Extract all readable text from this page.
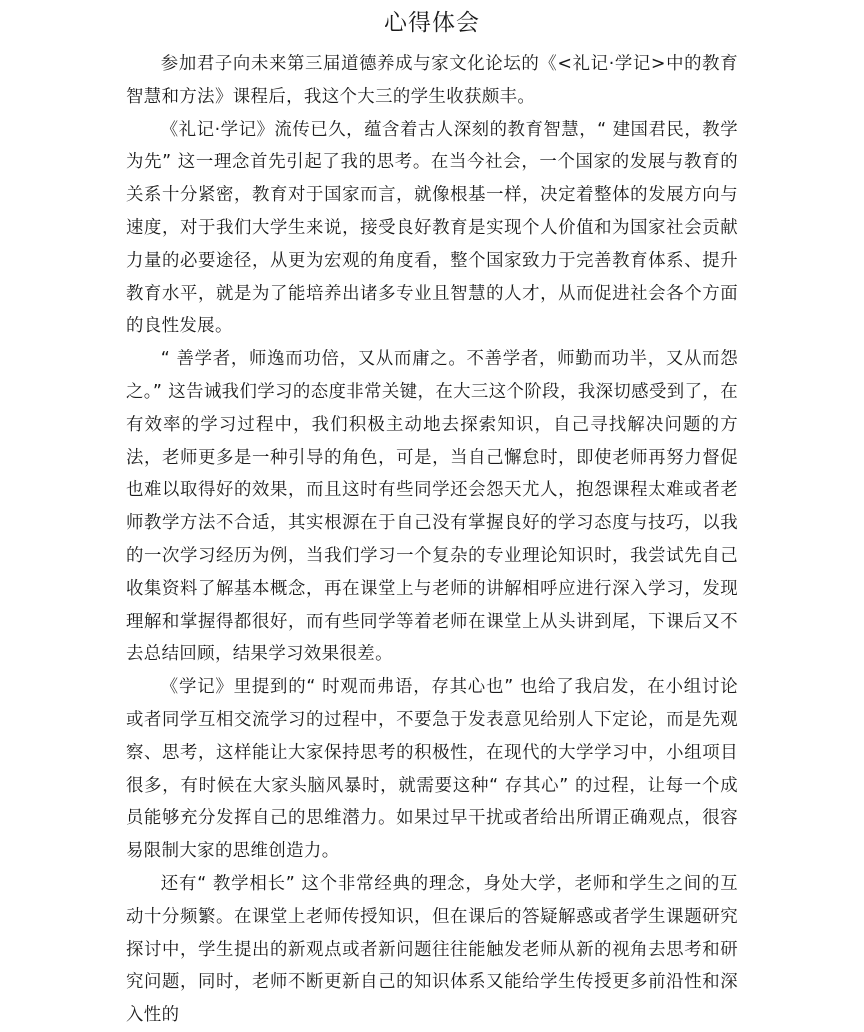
心得体会

参加君子向未来第三届道德养成与家文化论坛的《<礼记·学记>中的教育智慧和方法》课程后，我这个大三的学生收获颇丰。

《礼记·学记》流传已久，蕴含着古人深刻的教育智慧，“ 建国君民，教学为先” 这一理念首先引起了我的思考。在当今社会，一个国家的发展与教育的关系十分紧密，教育对于国家而言，就像根基一样，决定着整体的发展方向与速度，对于我们大学生来说，接受良好教育是实现个人价值和为国家社会贡献力量的必要途径，从更为宏观的角度看，整个国家致力于完善教育体系、提升教育水平，就是为了能培养出诸多专业且智慧的人才，从而促进社会各个方面的良性发展。

“ 善学者，师逸而功倍，又从而庸之。不善学者，师勤而功半，又从而怨之。” 这告诫我们学习的态度非常关键，在大三这个阶段，我深切感受到了，在有效率的学习过程中，我们积极主动地去探索知识，自己寻找解决问题的方法，老师更多是一种引导的角色，可是，当自己懈怠时，即使老师再努力督促也难以取得好的效果，而且这时有些同学还会怨天尤人，抱怨课程太难或者老师教学方法不合适，其实根源在于自己没有掌握良好的学习态度与技巧，以我的一次学习经历为例，当我们学习一个复杂的专业理论知识时，我尝试先自己收集资料了解基本概念，再在课堂上与老师的讲解相呼应进行深入学习，发现理解和掌握得都很好，而有些同学等着老师在课堂上从头讲到尾，下课后又不去总结回顾，结果学习效果很差。

《学记》里提到的“ 时观而弗语，存其心也” 也给了我启发，在小组讨论或者同学互相交流学习的过程中，不要急于发表意见给别人下定论，而是先观察、思考，这样能让大家保持思考的积极性，在现代的大学学习中，小组项目很多，有时候在大家头脑风暴时，就需要这种“ 存其心” 的过程，让每一个成员能够充分发挥自己的思维潜力。如果过早干扰或者给出所谓正确观点，很容易限制大家的思维创造力。

还有“ 教学相长” 这个非常经典的理念，身处大学，老师和学生之间的互动十分频繁。在课堂上老师传授知识，但在课后的答疑解惑或者学生课题研究探讨中，学生提出的新观点或者新问题往往能触发老师从新的视角去思考和研究问题，同时，老师不断更新自己的知识体系又能给学生传授更多前沿性和深入性的
